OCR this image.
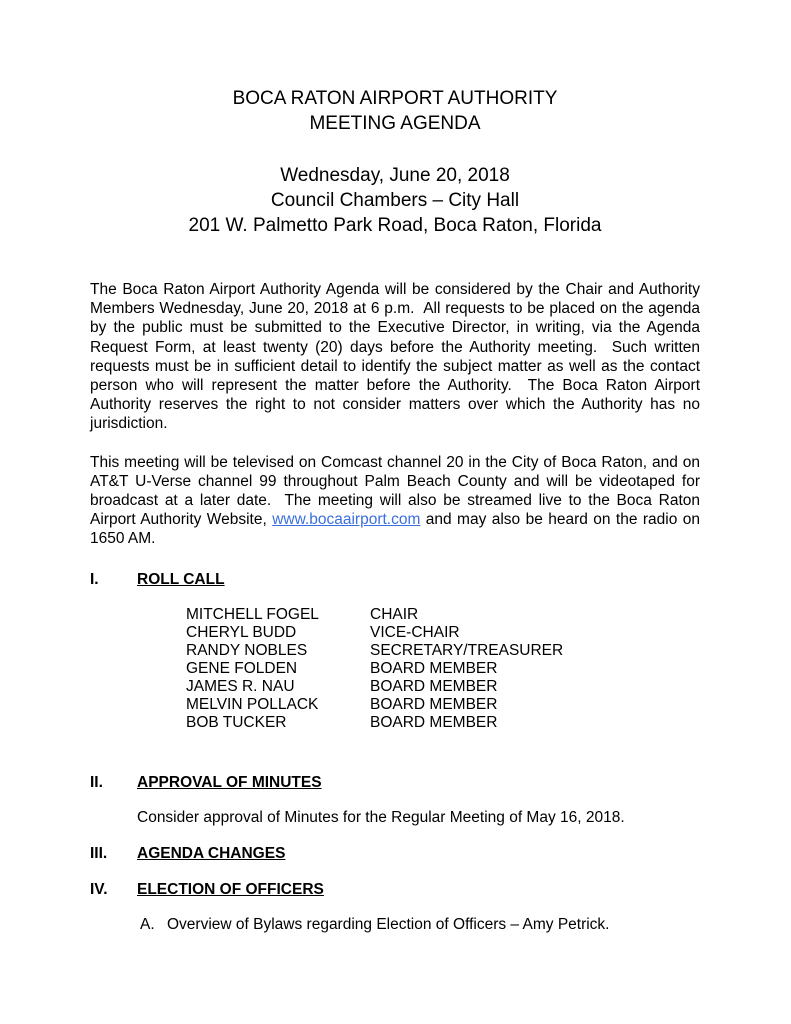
BOCA RATON AIRPORT AUTHORITY
MEETING AGENDA
Wednesday, June 20, 2018
Council Chambers – City Hall
201 W. Palmetto Park Road, Boca Raton, Florida

The Boca Raton Airport Authority Agenda will be considered by the Chair and Authority Members Wednesday, June 20, 2018 at 6 p.m.  All requests to be placed on the agenda by the public must be submitted to the Executive Director, in writing, via the Agenda Request Form, at least twenty (20) days before the Authority meeting.  Such written requests must be in sufficient detail to identify the subject matter as well as the contact person who will represent the matter before the Authority.  The Boca Raton Airport Authority reserves the right to not consider matters over which the Authority has no jurisdiction.

This meeting will be televised on Comcast channel 20 in the City of Boca Raton, and on AT&T U-Verse channel 99 throughout Palm Beach County and will be videotaped for broadcast at a later date.  The meeting will also be streamed live to the Boca Raton Airport Authority Website, www.bocaairport.com and may also be heard on the radio on 1650 AM.

I.	ROLL CALL
MITCHELL FOGEL	CHAIR
CHERYL BUDD	VICE-CHAIR
RANDY NOBLES	SECRETARY/TREASURER
GENE FOLDEN	BOARD MEMBER
JAMES R. NAU	BOARD MEMBER
MELVIN POLLACK	BOARD MEMBER
BOB TUCKER	BOARD MEMBER
II.	APPROVAL OF MINUTES
Consider approval of Minutes for the Regular Meeting of May 16, 2018.
III.	AGENDA CHANGES
IV.	ELECTION OF OFFICERS
A. Overview of Bylaws regarding Election of Officers – Amy Petrick.
